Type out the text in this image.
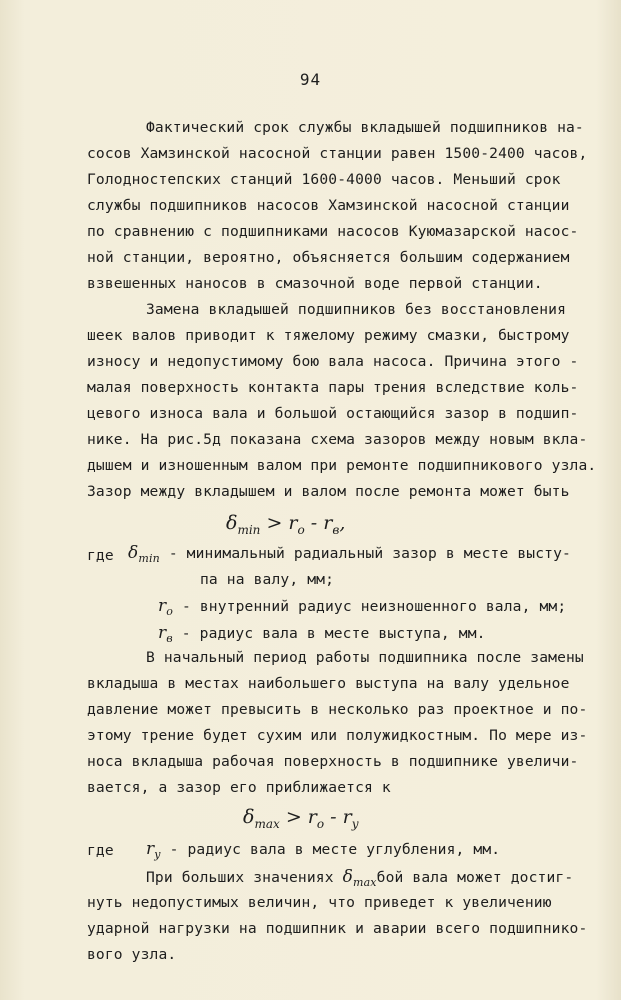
94
Фактический срок службы вкладышей подшипников на-
сосов Хамзинской насосной станции равен 1500-2400 часов,
Голодностепских станций 1600-4000 часов. Меньший срок
службы подшипников насосов Хамзинской насосной станции
по сравнению с подшипниками насосов Куюмазарской насос-
ной станции, вероятно, объясняется большим содержанием
взвешенных наносов в смазочной воде первой станции.
Замена вкладышей подшипников без восстановления
шеек валов приводит к тяжелому режиму смазки, быстрому
износу и недопустимому бою вала насоса. Причина этого -
малая поверхность контакта пары трения вследствие коль-
цевого износа вала и большой остающийся зазор в подшип-
нике. На рис.5д показана схема зазоров между новым вкла-
дышем и изношенным валом при ремонте подшипникового узла.
Зазор между вкладышем и валом после ремонта может быть
$\delta_{min} > r_o - r_в$,
где $\delta_{min}$ - минимальный радиальный зазор в месте высту-
па на валу, мм;
$r_o$ - внутренний радиус неизношенного вала, мм;
$r_в$ - радиус вала в месте выступа, мм.
В начальный период работы подшипника после замены
вкладыша в местах наибольшего выступа на валу удельное
давление может превысить в несколько раз проектное и по-
этому трение будет сухим или полужидкостным. По мере из-
носа вкладыша рабочая поверхность в подшипнике увеличи-
вается, а зазор его приближается к
$\delta_{max} > r_o - r_y$
где $r_y$ - радиус вала в месте углубления, мм.
При больших значениях $\delta_{max}бой$ вала может достиг-
нуть недопустимых величин, что приведет к увеличению
ударной нагрузки на подшипник и аварии всего подшипнико-
вого узла.
